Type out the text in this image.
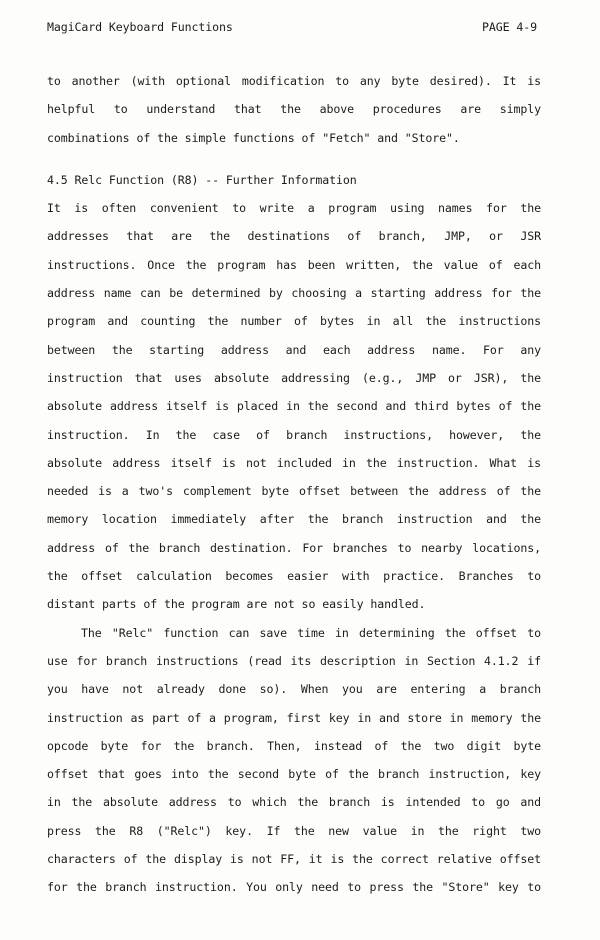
MagiCard Keyboard Functions	PAGE 4-9
to another (with optional modification to any byte desired). It is
helpful to understand that the above procedures are simply
combinations of the simple functions of "Fetch" and "Store".
4.5 Relc Function (R8) -- Further Information
It is often convenient to write a program using names for the
addresses that are the destinations of branch, JMP, or JSR
instructions. Once the program has been written, the value of each
address name can be determined by choosing a starting address for the
program and counting the number of bytes in all the instructions
between the starting address and each address name. For any
instruction that uses absolute addressing (e.g., JMP or JSR), the
absolute address itself is placed in the second and third bytes of the
instruction. In the case of branch instructions, however, the
absolute address itself is not included in the instruction. What is
needed is a two's complement byte offset between the address of the
memory location immediately after the branch instruction and the
address of the branch destination. For branches to nearby locations,
the offset calculation becomes easier with practice. Branches to
distant parts of the program are not so easily handled.
The "Relc" function can save time in determining the offset to
use for branch instructions (read its description in Section 4.1.2 if
you have not already done so). When you are entering a branch
instruction as part of a program, first key in and store in memory the
opcode byte for the branch. Then, instead of the two digit byte
offset that goes into the second byte of the branch instruction, key
in the absolute address to which the branch is intended to go and
press the R8 ("Relc") key. If the new value in the right two
characters of the display is not FF, it is the correct relative offset
for the branch instruction. You only need to press the "Store" key to
